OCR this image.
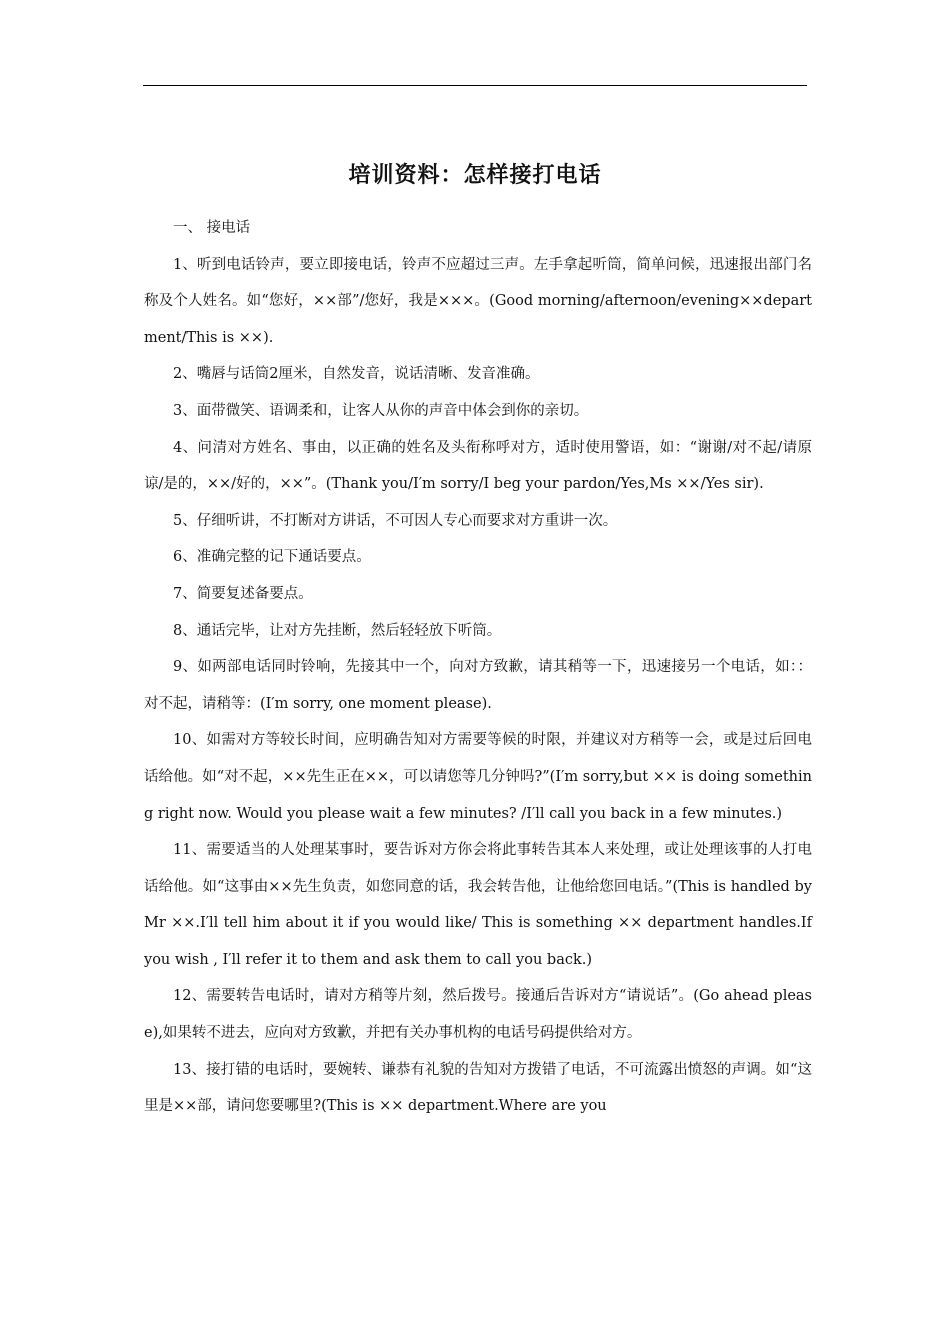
培训资料：怎样接打电话

一、 接电话

1、听到电话铃声，要立即接电话，铃声不应超过三声。左手拿起听筒，简单问候，迅速报出部门名称及个人姓名。如“您好，××部”/您好，我是×××。(Good morning/afternoon/evening××department/This is ××).

2、嘴唇与话筒2厘米，自然发音，说话清晰、发音准确。

3、面带微笑、语调柔和，让客人从你的声音中体会到你的亲切。

4、问清对方姓名、事由，以正确的姓名及头衔称呼对方，适时使用警语，如：“谢谢/对不起/请原谅/是的，××/好的，××”。(Thank you/I′m sorry/I beg your pardon/Yes,Ms ××/Yes sir).

5、仔细听讲，不打断对方讲话，不可因人专心而要求对方重讲一次。

6、准确完整的记下通话要点。

7、简要复述备要点。

8、通话完毕，让对方先挂断，然后轻轻放下听筒。

9、如两部电话同时铃响，先接其中一个，向对方致歉，请其稍等一下，迅速接另一个电话，如：：对不起，请稍等：(I′m sorry, one moment please).

10、如需对方等较长时间，应明确告知对方需要等候的时限，并建议对方稍等一会，或是过后回电话给他。如“对不起，××先生正在××，可以请您等几分钟吗?”(I′m sorry,but ×× is doing something right now. Would you please wait a few minutes? /I′ll call you back in a few minutes.)

11、需要适当的人处理某事时，要告诉对方你会将此事转告其本人来处理，或让处理该事的人打电话给他。如“这事由××先生负责，如您同意的话，我会转告他，让他给您回电话。”(This is handled by Mr ××.I′ll tell him about it if you would like/ This is something ×× department handles.If you wish , I′ll refer it to them and ask them to call you back.)

12、需要转告电话时，请对方稍等片刻，然后拨号。接通后告诉对方“请说话”。(Go ahead please),如果转不进去，应向对方致歉，并把有关办事机构的电话号码提供给对方。

13、接打错的电话时，要婉转、谦恭有礼貌的告知对方拨错了电话，不可流露出愤怒的声调。如“这里是××部，请问您要哪里?(This is ×× department.Where are you
